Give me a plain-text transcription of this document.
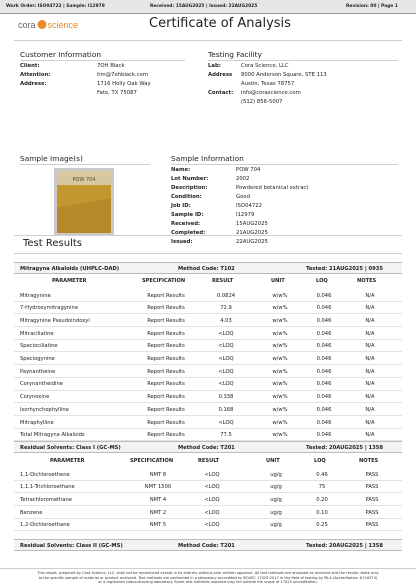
Work Order: ISO04722 | Sample: I12979	Received: 15AUG2025 | Issued: 22AUG2025	Revision: 00 | Page 1
cora science	Certificate of Analysis
Customer Information
Client:	7OH Black
Attention:	tim@7ohblack.com
Address:	1716 Holly Oak Way
Fate, TX 75087
Testing Facility
Lab:	Cora Science, LLC
Address 8000 Anderson Square, STE 113
Austin, Texas 78757
Contact: info@corascience.com
(512) 856-5007
Sample Image(s)
POW 704
Sample Information
Name:	POW 704
Lot Number:	2002
Description:	Powdered botanical extract
Condition:	Good
Job ID:	ISO04722
Sample ID:	I12979
Received:	15AUG2025
Completed:	21AUG2025
Issued:	22AUG2025
Test Results
Mitragyna Alkaloids (UHPLC-DAD)	Method Code: T102	Tested: 21AUG2025 | 0935
PARAMETER	SPECIFICATION	RESULT	UNIT	LOQ	NOTES
Mitragynine	Report Results	0.0824	w/w%	0.046	N/A
7-Hydroxymitragynine	Report Results	72.9	w/w%	0.046	N/A
Mitragynine Pseudoindoxyl	Report Results	4.03	w/w%	0.046	N/A
Mitraciliatine	Report Results	<LOQ	w/w%	0.046	N/A
Speciociliatine	Report Results	<LOQ	w/w%	0.046	N/A
Speciogynine	Report Results	<LOQ	w/w%	0.046	N/A
Paynantheine	Report Results	<LOQ	w/w%	0.046	N/A
Corynantheidine	Report Results	<LOQ	w/w%	0.046	N/A
Corynoxine	Report Results	0.338	w/w%	0.046	N/A
Isorhynchophylline	Report Results	0.168	w/w%	0.046	N/A
Mitraphylline	Report Results	<LOQ	w/w%	0.046	N/A
Total Mitragyna Alkaloids	Report Results	77.5	w/w%	0.046	N/A
Residual Solvents: Class I (GC-MS)	Method Code: T201	Tested: 20AUG2025 | 1358
PARAMETER	SPECIFICATION	RESULT	UNIT	LOQ	NOTES
1,1-Dichloroethene	NMT 8	<LOQ	ug/g	0.46	PASS
1,1,1-Trichloroethane	NMT 1500	<LOQ	ug/g	75	PASS
Tetrachloromethane	NMT 4	<LOQ	ug/g	0.20	PASS
Benzene	NMT 2	<LOQ	ug/g	0.10	PASS
1,2-Dichloroethane	NMT 5	<LOQ	ug/g	0.25	PASS
Residual Solvents: Class II (GC-MS)	Method Code: T201	Tested: 20AUG2025 | 1358
This report, prepared by Cora Science, LLC, shall not be reproduced except in its entirety without prior written approval. All test methods are analysed as received and the results relate only
to the specific sample of material or product analyzed. Test methods are performed in a laboratory accredited to ISO/IEC 17025:2017 in the field of testing by PJLA (Accreditation #116374)
or a registered subcontracting laboratory. Some test methods reported may fall outside the scope of 17025 accreditation.
